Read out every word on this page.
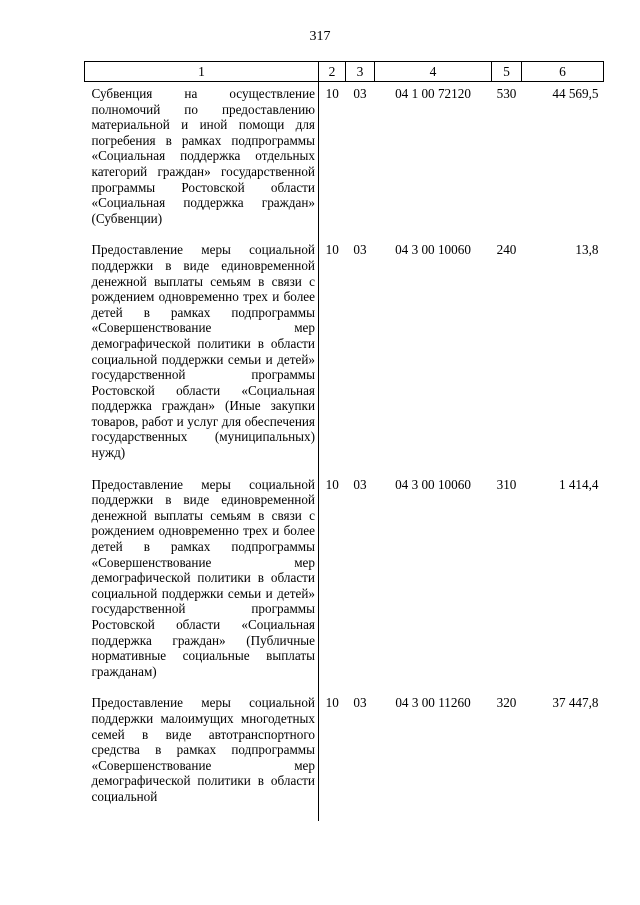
317
1	2	3	4	5	6
Субвенция на осуществление полномочий по предоставлению материальной и иной помощи для погребения в рамках подпрограммы «Социальная поддержка отдельных категорий граждан» государственной программы Ростовской области «Социальная поддержка граждан» (Субвенции)	10	03	04 1 00 72120	530	44 569,5
Предоставление меры социальной поддержки в виде единовременной денежной выплаты семьям в связи с рождением одновременно трех и более детей в рамках подпрограммы «Совершенствование мер демографической политики в области социальной поддержки семьи и детей» государственной программы Ростовской области «Социальная поддержка граждан» (Иные закупки товаров, работ и услуг для обеспечения государственных (муниципальных) нужд)	10	03	04 3 00 10060	240	13,8
Предоставление меры социальной поддержки в виде единовременной денежной выплаты семьям в связи с рождением одновременно трех и более детей в рамках подпрограммы «Совершенствование мер демографической политики в области социальной поддержки семьи и детей» государственной программы Ростовской области «Социальная поддержка граждан» (Публичные нормативные социальные выплаты гражданам)	10	03	04 3 00 10060	310	1 414,4
Предоставление меры социальной поддержки малоимущих многодетных семей в виде автотранспортного средства в рамках подпрограммы «Совершенствование мер демографической политики в области социальной	10	03	04 3 00 11260	320	37 447,8
